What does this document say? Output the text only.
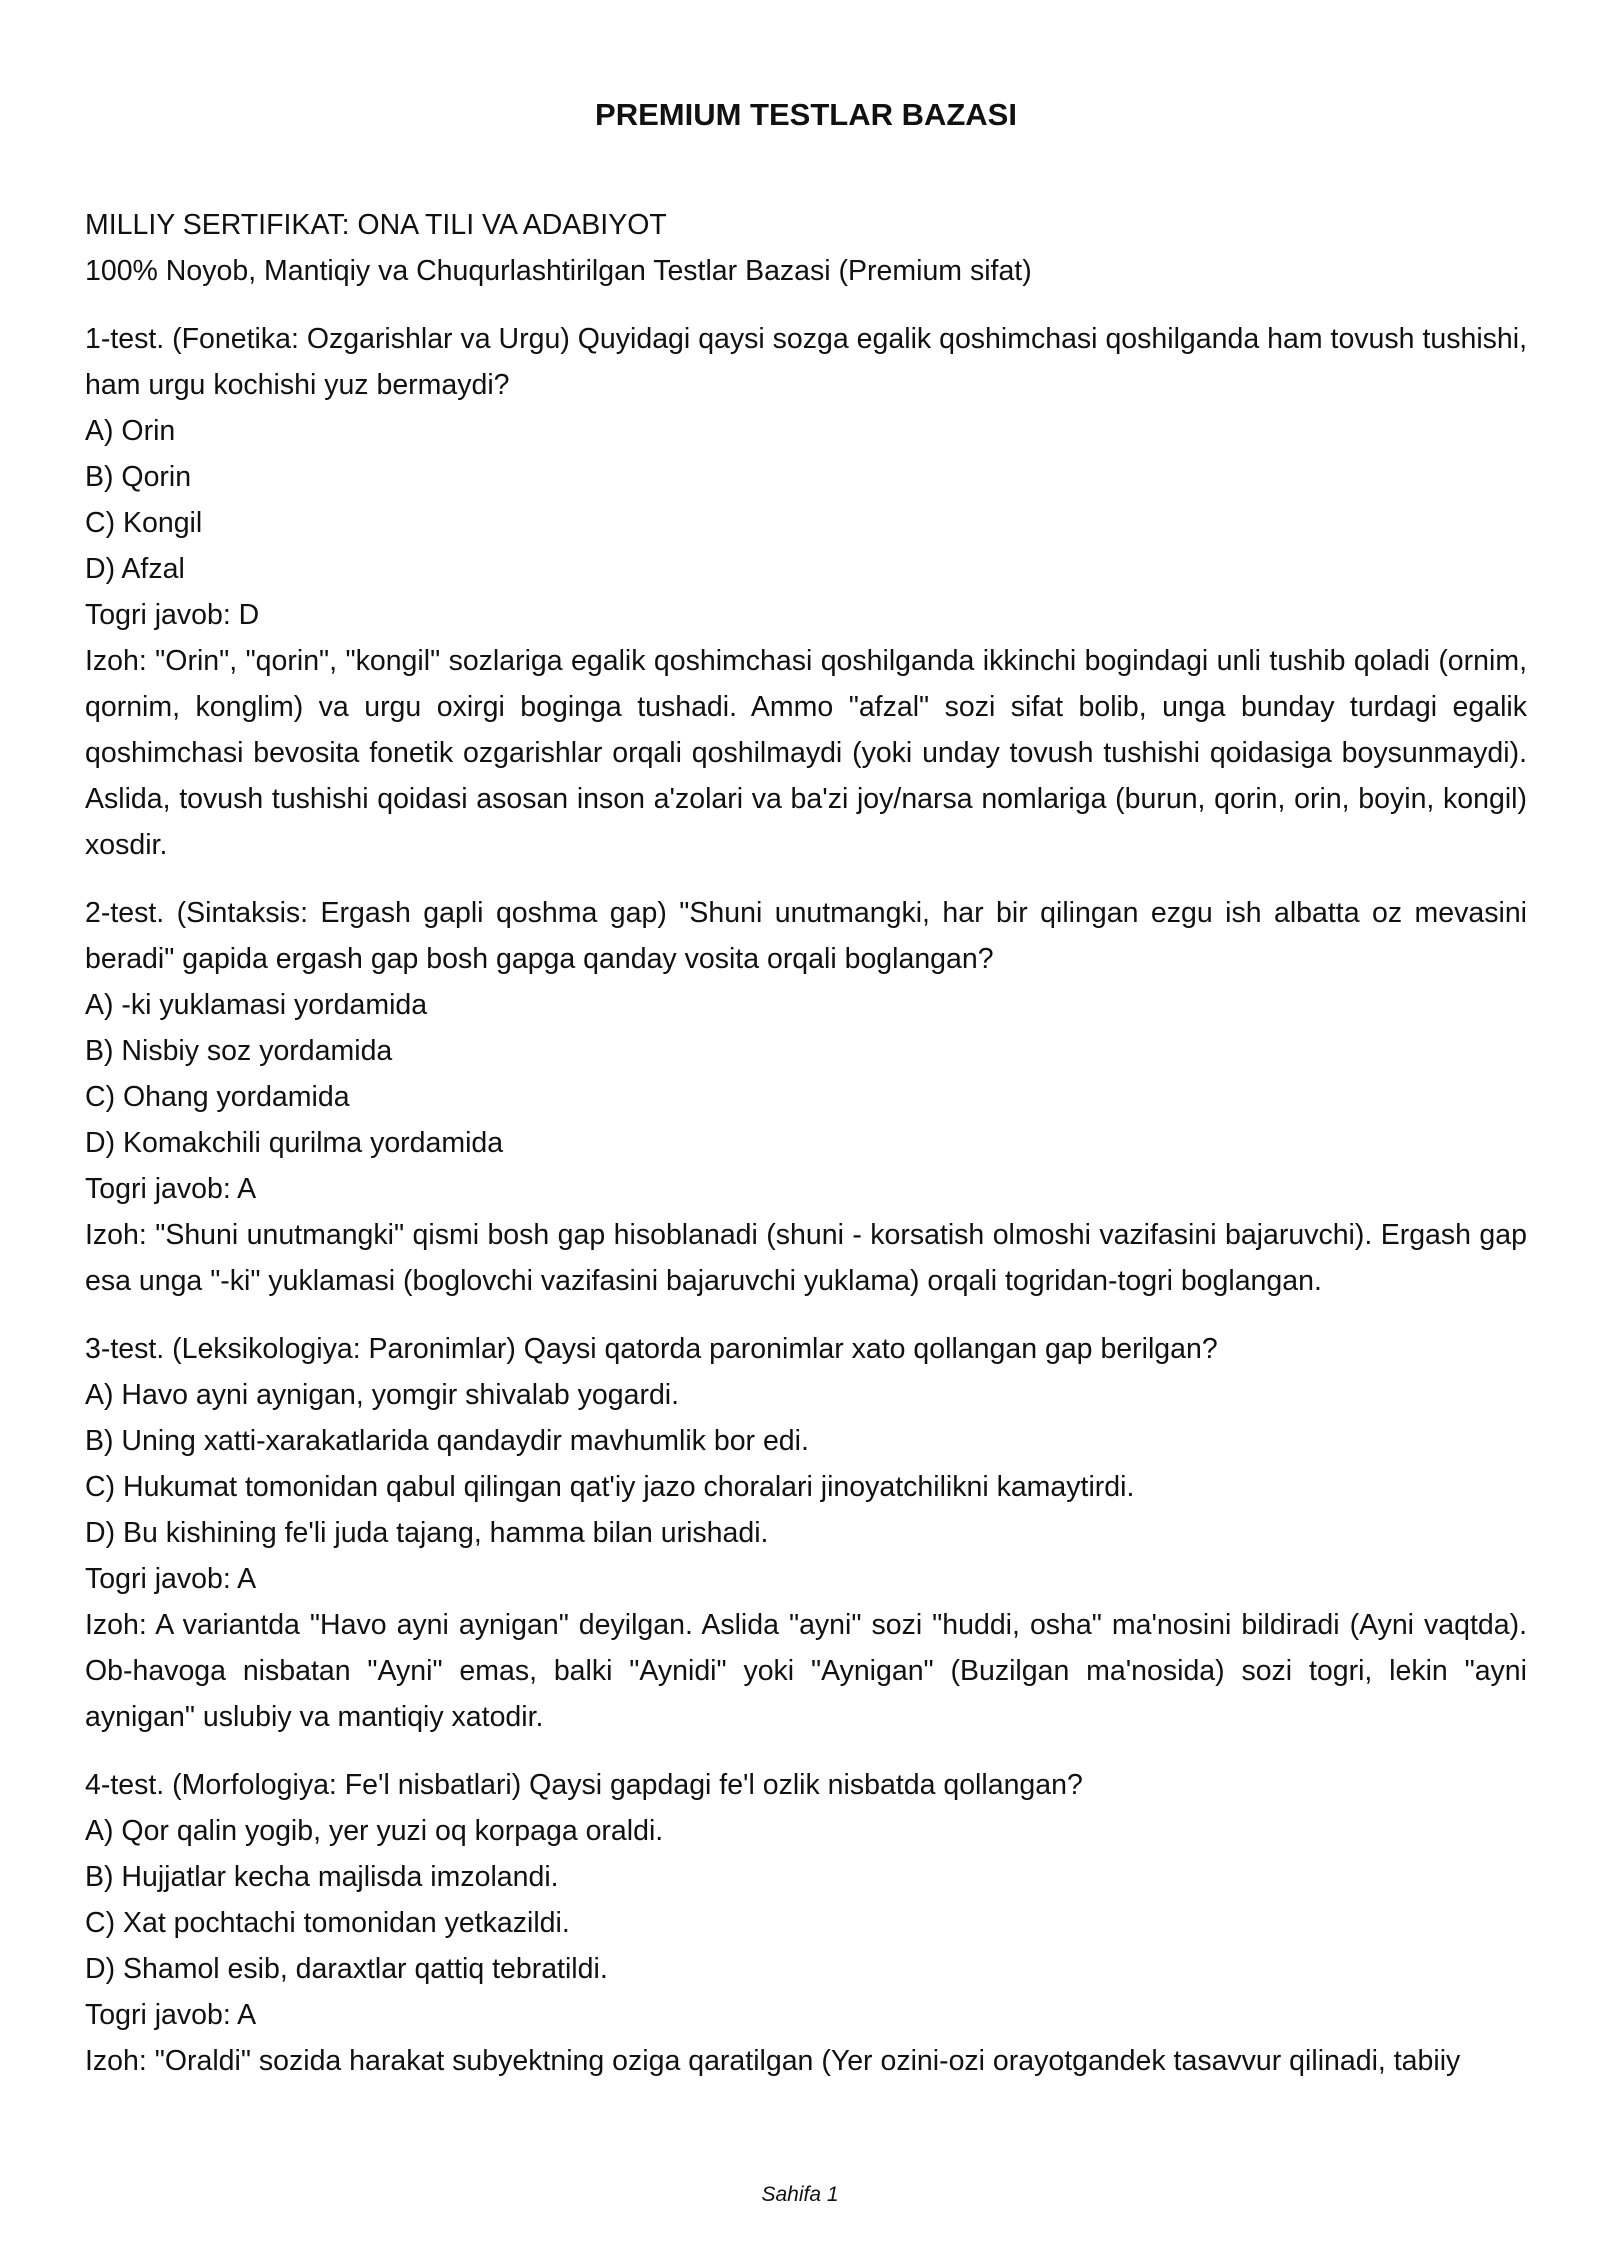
PREMIUM TESTLAR BAZASI

MILLIY SERTIFIKAT: ONA TILI VA ADABIYOT

100% Noyob, Mantiqiy va Chuqurlashtirilgan Testlar Bazasi (Premium sifat)

1-test. (Fonetika: Ozgarishlar va Urgu) Quyidagi qaysi sozga egalik qoshimchasi qoshilganda ham tovush tushishi, ham urgu kochishi yuz bermaydi?

A) Orin

B) Qorin

C) Kongil

D) Afzal

Togri javob: D

Izoh: "Orin", "qorin", "kongil" sozlariga egalik qoshimchasi qoshilganda ikkinchi bogindagi unli tushib qoladi (ornim, qornim, konglim) va urgu oxirgi boginga tushadi. Ammo "afzal" sozi sifat bolib, unga bunday turdagi egalik qoshimchasi bevosita fonetik ozgarishlar orqali qoshilmaydi (yoki unday tovush tushishi qoidasiga boysunmaydi). Aslida, tovush tushishi qoidasi asosan inson a'zolari va ba'zi joy/narsa nomlariga (burun, qorin, orin, boyin, kongil) xosdir.

2-test. (Sintaksis: Ergash gapli qoshma gap) "Shuni unutmangki, har bir qilingan ezgu ish albatta oz mevasini beradi" gapida ergash gap bosh gapga qanday vosita orqali boglangan?

A) -ki yuklamasi yordamida

B) Nisbiy soz yordamida

C) Ohang yordamida

D) Komakchili qurilma yordamida

Togri javob: A

Izoh: "Shuni unutmangki" qismi bosh gap hisoblanadi (shuni - korsatish olmoshi vazifasini bajaruvchi). Ergash gap esa unga "-ki" yuklamasi (boglovchi vazifasini bajaruvchi yuklama) orqali togridan-togri boglangan.

3-test. (Leksikologiya: Paronimlar) Qaysi qatorda paronimlar xato qollangan gap berilgan?

A) Havo ayni aynigan, yomgir shivalab yogardi.

B) Uning xatti-xarakatlarida qandaydir mavhumlik bor edi.

C) Hukumat tomonidan qabul qilingan qat'iy jazo choralari jinoyatchilikni kamaytirdi.

D) Bu kishining fe'li juda tajang, hamma bilan urishadi.

Togri javob: A

Izoh: A variantda "Havo ayni aynigan" deyilgan. Aslida "ayni" sozi "huddi, osha" ma'nosini bildiradi (Ayni vaqtda). Ob-havoga nisbatan "Ayni" emas, balki "Aynidi" yoki "Aynigan" (Buzilgan ma'nosida) sozi togri, lekin "ayni aynigan" uslubiy va mantiqiy xatodir.

4-test. (Morfologiya: Fe'l nisbatlari) Qaysi gapdagi fe'l ozlik nisbatda qollangan?

A) Qor qalin yogib, yer yuzi oq korpaga oraldi.

B) Hujjatlar kecha majlisda imzolandi.

C) Xat pochtachi tomonidan yetkazildi.

D) Shamol esib, daraxtlar qattiq tebratildi.

Togri javob: A

Izoh: "Oraldi" sozida harakat subyektning oziga qaratilgan (Yer ozini-ozi orayotgandek tasavvur qilinadi, tabiiy

Sahifa 1
